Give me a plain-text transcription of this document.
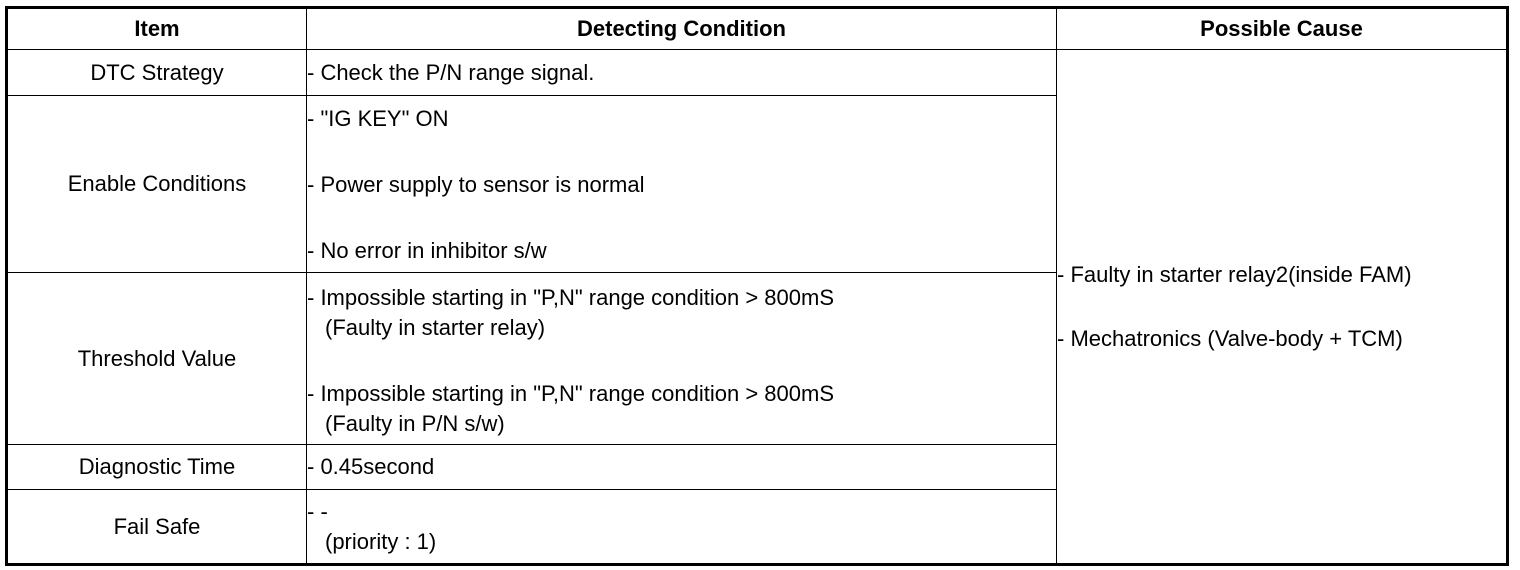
Item	Detecting Condition	Possible Cause
DTC Strategy	- Check the P/N range signal.	- Faulty in starter relay2(inside FAM)
- Mechatronics (Valve-body + TCM)

Enable Conditions	- "IG KEY" ON
- Power supply to sensor is normal
- No error in inhibitor s/w	

Threshold Value	- Impossible starting in "P,N" range condition > 800mS
(Faulty in starter relay)
- Impossible starting in "P,N" range condition > 800mS
(Faulty in P/N s/w)	

Diagnostic Time	- 0.45second	

Fail Safe	- -
(priority : 1)	
